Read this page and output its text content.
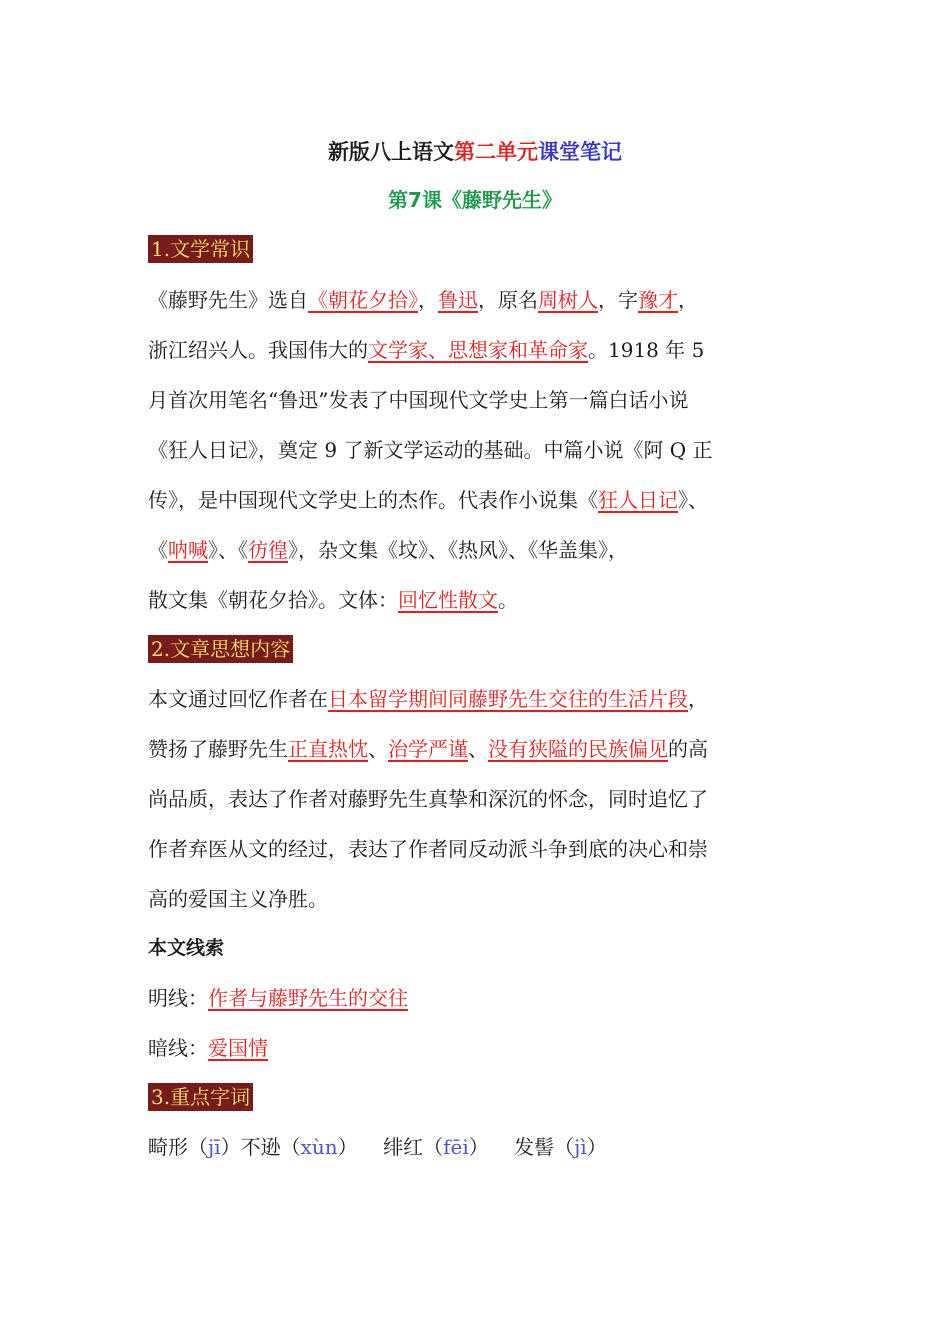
新版八上语文第二单元课堂笔记
第7课《藤野先生》
1.文学常识
《藤野先生》选自《朝花夕拾》，鲁迅，原名周树人，字豫才，
浙江绍兴人。我国伟大的文学家、思想家和革命家。1918 年 5
月首次用笔名“鲁迅”发表了中国现代文学史上第一篇白话小说
《狂人日记》，奠定 9 了新文学运动的基础。中篇小说《阿 Q 正
传》，是中国现代文学史上的杰作。代表作小说集《狂人日记》、
《呐喊》、《彷徨》，杂文集《坟》、《热风》、《华盖集》，
散文集《朝花夕拾》。文体：回忆性散文。
2.文章思想内容
本文通过回忆作者在日本留学期间同藤野先生交往的生活片段，
赞扬了藤野先生正直热忱、治学严谨、没有狭隘的民族偏见的高
尚品质，表达了作者对藤野先生真挚和深沉的怀念，同时追忆了
作者弃医从文的经过，表达了作者同反动派斗争到底的决心和崇
高的爱国主义净胜。
本文线索
明线：作者与藤野先生的交往
暗线：爱国情
3.重点字词
畸形（jī）不逊（xùn）    绯红（fēi）    发髻（jì）
